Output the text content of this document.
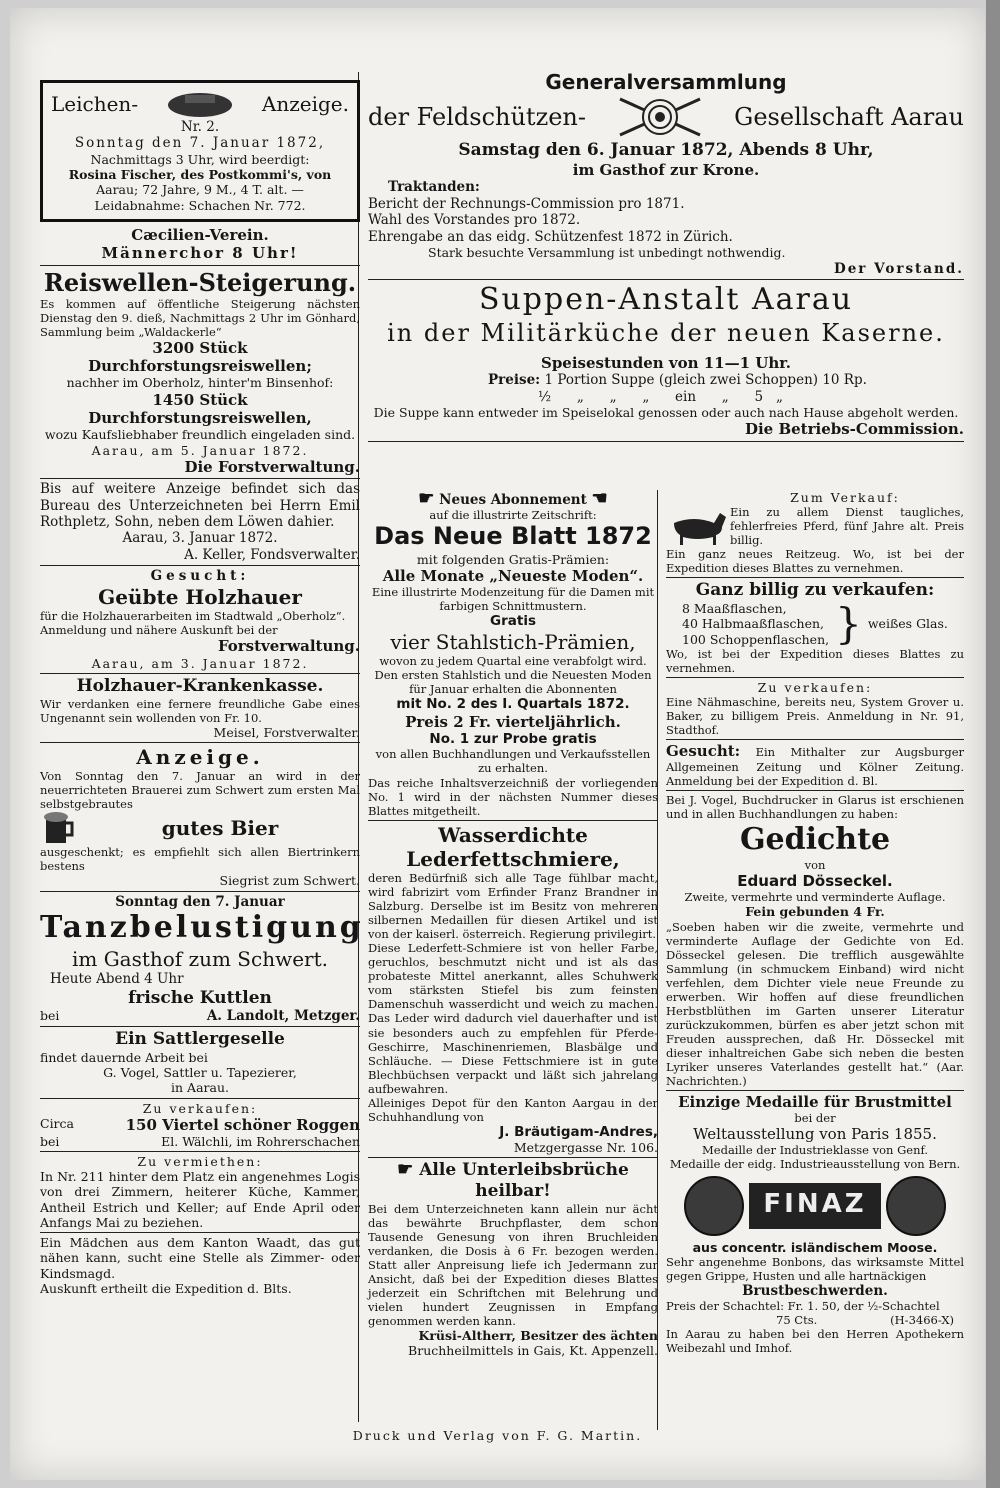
Leichen-	Anzeige.

Nr. 2.

Sonntag den 7. Januar 1872,

Nachmittags 3 Uhr, wird beerdigt:

Rosina Fischer, des Postkommi's, von

Aarau; 72 Jahre, 9 M., 4 T. alt. —

Leidabnahme: Schachen Nr. 772.

Cæcilien-Verein.

Männerchor 8 Uhr!

Reiswellen-Steigerung.

Es kommen auf öffentliche Steigerung nächsten Dienstag den 9. dieß, Nachmittags 2 Uhr im Gönhard, Sammlung beim „Waldackerle“

3200 Stück Durchforstungsreiswellen;

nachher im Oberholz, hinter'm Binsenhof:

1450 Stück Durchforstungsreiswellen,

wozu Kaufsliebhaber freundlich eingeladen sind.

Aarau, am 5. Januar 1872.

Die Forstverwaltung.

Bis auf weitere Anzeige befindet sich das Bureau des Unterzeichneten bei Herrn Emil Rothpletz, Sohn, neben dem Löwen dahier.

Aarau, 3. Januar 1872.

A. Keller, Fondsverwalter.

Gesucht:

Geübte Holzhauer

für die Holzhauerarbeiten im Stadtwald „Oberholz“.

Anmeldung und nähere Auskunft bei der

Forstverwaltung.

Aarau, am 3. Januar 1872.

Holzhauer-Krankenkasse.

Wir verdanken eine fernere freundliche Gabe eines Ungenannt sein wollenden von Fr. 10.

Meisel, Forstverwalter.

Anzeige.

Von Sonntag den 7. Januar an wird in der neuerrichteten Brauerei zum Schwert zum ersten Mal selbstgebrautes

gutes Bier

ausgeschenkt; es empfiehlt sich allen Biertrinkern bestens

Siegrist zum Schwert.

Sonntag den 7. Januar

Tanzbelustigung

im Gasthof zum Schwert.

Heute Abend 4 Uhr

frische Kuttlen

bei	A. Landolt, Metzger.

Ein Sattlergeselle

findet dauernde Arbeit bei

G. Vogel, Sattler u. Tapezierer,

in Aarau.

Zu verkaufen:

Circa	150 Viertel schöner Roggen
bei	El. Wälchli, im Rohrerschachen

Zu vermiethen:

In Nr. 211 hinter dem Platz ein angenehmes Logis von drei Zimmern, heiterer Küche, Kammer, Antheil Estrich und Keller; auf Ende April oder Anfangs Mai zu beziehen.

Ein Mädchen aus dem Kanton Waadt, das gut nähen kann, sucht eine Stelle als Zimmer- oder Kindsmagd.

Auskunft ertheilt die Expedition d. Blts.

Generalversammlung

der Feldschützen-	Gesellschaft Aarau

Samstag den 6. Januar 1872, Abends 8 Uhr,

im Gasthof zur Krone.

Traktanden:

Bericht der Rechnungs-Commission pro 1871.

Wahl des Vorstandes pro 1872.

Ehrengabe an das eidg. Schützenfest 1872 in Zürich.

Stark besuchte Versammlung ist unbedingt nothwendig.

Der Vorstand.

Suppen-Anstalt Aarau

in der Militärküche der neuen Kaserne.

Speisestunden von 11—1 Uhr.

Preise: 1 Portion Suppe (gleich zwei Schoppen) 10 Rp.

½      „      „      „      ein      „      5   „

Die Suppe kann entweder im Speiselokal genossen oder auch nach Hause abgeholt werden.

Die Betriebs-Commission.

☛ Neues Abonnement ☚

auf die illustrirte Zeitschrift:

Das Neue Blatt 1872

mit folgenden Gratis-Prämien:

Alle Monate „Neueste Moden“.

Eine illustrirte Modenzeitung für die Damen mit farbigen Schnittmustern.

Gratis

vier Stahlstich-Prämien,

wovon zu jedem Quartal eine verabfolgt wird. Den ersten Stahlstich und die Neuesten Moden für Januar erhalten die Abonnenten

mit No. 2 des I. Quartals 1872.

Preis 2 Fr. vierteljährlich.

No. 1 zur Probe gratis

von allen Buchhandlungen und Verkaufsstellen zu erhalten.

Das reiche Inhaltsverzeichniß der vorliegenden No. 1 wird in der nächsten Nummer dieses Blattes mitgetheilt.

Wasserdichte Lederfettschmiere,

deren Bedürfniß sich alle Tage fühlbar macht, wird fabrizirt vom Erfinder Franz Brandner in Salzburg. Derselbe ist im Besitz von mehreren silbernen Medaillen für diesen Artikel und ist von der kaiserl. österreich. Regierung privilegirt.

Diese Lederfett-Schmiere ist von heller Farbe, geruchlos, beschmutzt nicht und ist als das probateste Mittel anerkannt, alles Schuhwerk vom stärksten Stiefel bis zum feinsten Damenschuh wasserdicht und weich zu machen. Das Leder wird dadurch viel dauerhafter und ist sie besonders auch zu empfehlen für Pferde-Geschirre, Maschinenriemen, Blasbälge und Schläuche. — Diese Fettschmiere ist in gute Blechbüchsen verpackt und läßt sich jahrelang aufbewahren.

Alleiniges Depot für den Kanton Aargau in der Schuhhandlung von

J. Bräutigam-Andres,

Metzgergasse Nr. 106.

☛ Alle Unterleibsbrüche

heilbar!

Bei dem Unterzeichneten kann allein nur ächt das bewährte Bruchpflaster, dem schon Tausende Genesung von ihren Bruchleiden verdanken, die Dosis à 6 Fr. bezogen werden. Statt aller Anpreisung liefe ich Jedermann zur Ansicht, daß bei der Expedition dieses Blattes jederzeit ein Schriftchen mit Belehrung und vielen hundert Zeugnissen in Empfang genommen werden kann.

Krüsi-Altherr, Besitzer des ächten

Bruchheilmittels in Gais, Kt. Appenzell.

Zum Verkauf:

Ein zu allem Dienst taugliches, fehlerfreies Pferd, fünf Jahre alt. Preis billig.

Ein ganz neues Reitzeug. Wo, ist bei der Expedition dieses Blattes zu vernehmen.

Ganz billig zu verkaufen:

8 Maaßflaschen,

40 Halbmaaßflaschen,

100 Schoppenflaschen, } weißes Glas.

Wo, ist bei der Expedition dieses Blattes zu vernehmen.

Zu verkaufen:

Eine Nähmaschine, bereits neu, System Grover u. Baker, zu billigem Preis. Anmeldung in Nr. 91, Stadthof.

Gesucht: Ein Mithalter zur Augsburger Allgemeinen Zeitung und Kölner Zeitung. Anmeldung bei der Expedition d. Bl.

Bei J. Vogel, Buchdrucker in Glarus ist erschienen und in allen Buchhandlungen zu haben:

Gedichte

von

Eduard Dösseckel.

Zweite, vermehrte und verminderte Auflage.

Fein gebunden 4 Fr.

„Soeben haben wir die zweite, vermehrte und verminderte Auflage der Gedichte von Ed. Dösseckel gelesen. Die trefflich ausgewählte Sammlung (in schmuckem Einband) wird nicht verfehlen, dem Dichter viele neue Freunde zu erwerben. Wir hoffen auf diese freundlichen Herbstblüthen im Garten unserer Literatur zurückzukommen, bürfen es aber jetzt schon mit Freuden aussprechen, daß Hr. Dösseckel mit dieser inhaltreichen Gabe sich neben die besten Lyriker unseres Vaterlandes gestellt hat.“ (Aar. Nachrichten.)

Einzige Medaille für Brustmittel

bei der

Weltausstellung von Paris 1855.

Medaille der Industrieklasse von Genf.

Medaille der eidg. Industrieausstellung von Bern.

FINAZ

aus concentr. isländischem Moose.

Sehr angenehme Bonbons, das wirksamste Mittel gegen Grippe, Husten und alle hartnäckigen

Brustbeschwerden.

Preis der Schachtel: Fr. 1. 50, der ½-Schachtel

75 Cts.	(H-3466-X)

In Aarau zu haben bei den Herren Apothekern Weibezahl und Imhof.

Druck und Verlag von F. G. Martin.
